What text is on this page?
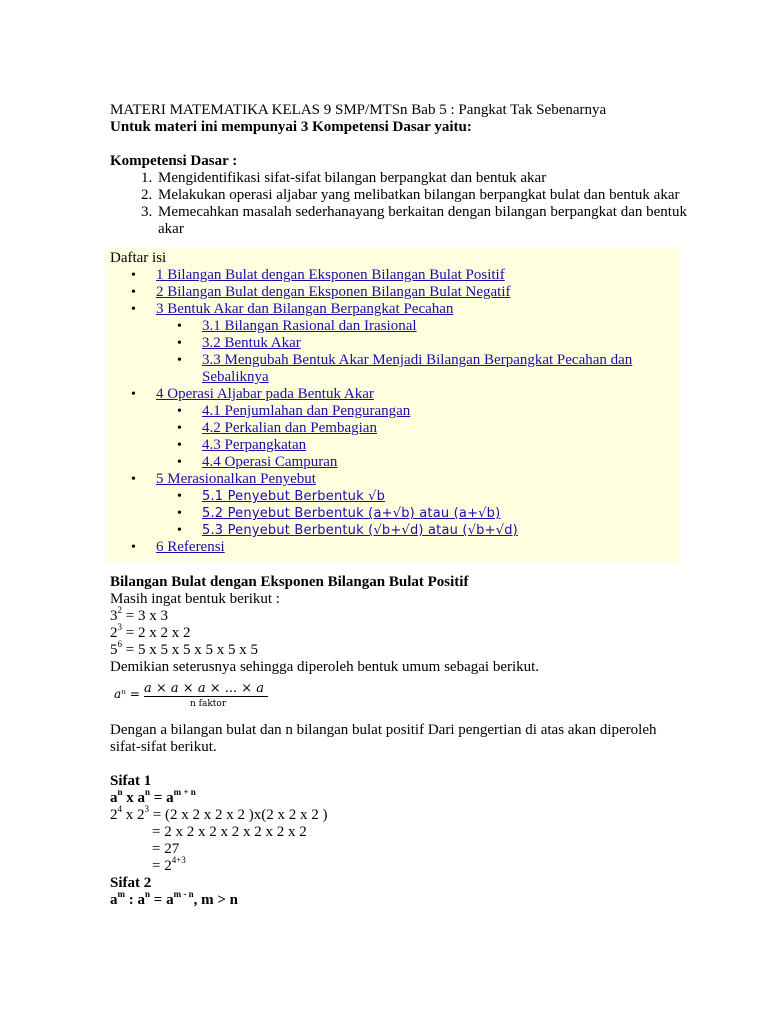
MATERI MATEMATIKA KELAS 9 SMP/MTSn Bab 5 : Pangkat Tak Sebenarnya
Untuk materi ini mempunyai 3 Kompetensi Dasar yaitu:
Kompetensi Dasar :
1. Mengidentifikasi sifat-sifat bilangan berpangkat dan bentuk akar
2. Melakukan operasi aljabar yang melibatkan bilangan berpangkat bulat dan bentuk akar
3. Memecahkan masalah sederhanayang berkaitan dengan bilangan berpangkat dan bentuk akar
Daftar isi
• 1 Bilangan Bulat dengan Eksponen Bilangan Bulat Positif
• 2 Bilangan Bulat dengan Eksponen Bilangan Bulat Negatif
• 3 Bentuk Akar dan Bilangan Berpangkat Pecahan
• 3.1 Bilangan Rasional dan Irasional
• 3.2 Bentuk Akar
• 3.3 Mengubah Bentuk Akar Menjadi Bilangan Berpangkat Pecahan dan Sebaliknya
• 4 Operasi Aljabar pada Bentuk Akar
• 4.1 Penjumlahan dan Pengurangan
• 4.2 Perkalian dan Pembagian
• 4.3 Perpangkatan
• 4.4 Operasi Campuran
• 5 Merasionalkan Penyebut
• 5.1 Penyebut Berbentuk √b
• 5.2 Penyebut Berbentuk (a+√b) atau (a+√b)
• 5.3 Penyebut Berbentuk (√b+√d) atau (√b+√d)
• 6 Referensi
Bilangan Bulat dengan Eksponen Bilangan Bulat Positif
Masih ingat bentuk berikut :
$3^2 = 3$ x 3
$2^3 = 2$ x 2 x 2
$5^6 = 5$ x 5 x 5 x 5 x 5 x 5
Demikian seterusnya sehingga diperoleh bentuk umum sebagai berikut.
aⁿ = a × a × a × ... × a
n faktor
Dengan a bilangan bulat dan n bilangan bulat positif Dari pengertian di atas akan diperoleh sifat-sifat berikut.
Sifat 1
$a^n$ x $a^n = a^{m + n}$
$2^4$ x $2^3 = (2$ x 2 x 2 x 2 )x(2 x 2 x 2 )
= 2 x 2 x 2 x 2 x 2 x 2 x 2
= 27
= $2^{4+3}$
Sifat 2
$a^m$ : $a^n = a^{m - n}$, m > n
